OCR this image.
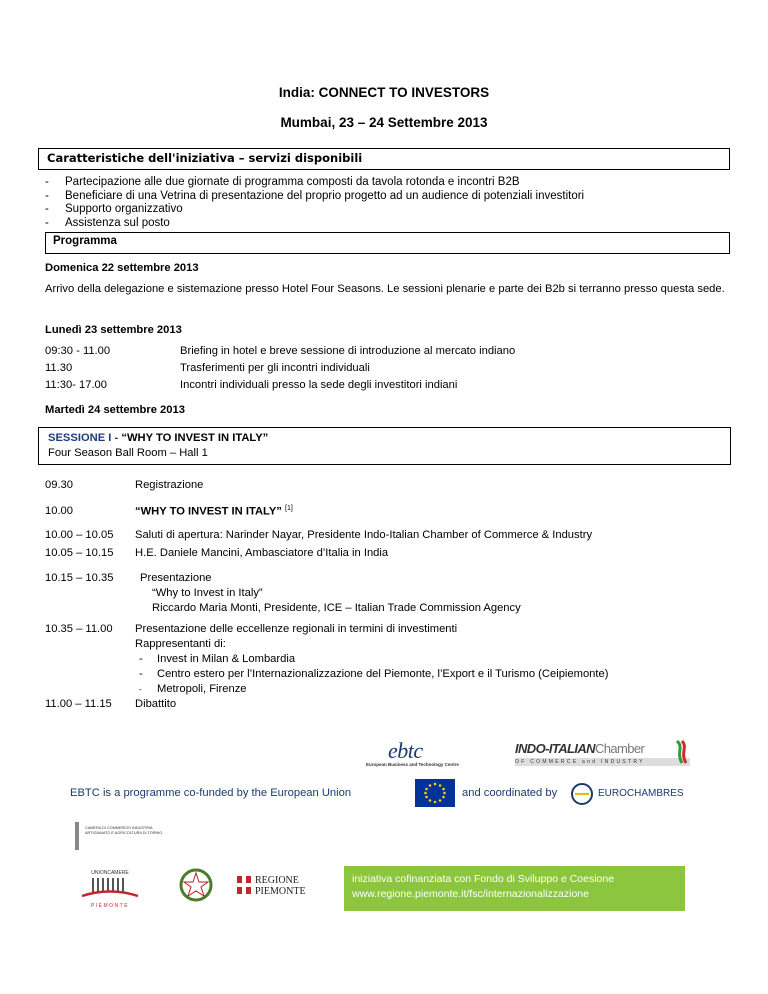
India: CONNECT TO INVESTORS
Mumbai, 23 – 24 Settembre 2013
Caratteristiche dell'iniziativa – servizi disponibili
- Partecipazione alle due giornate di programma composti da tavola rotonda e incontri B2B
- Beneficiare di una Vetrina di presentazione del proprio progetto ad un audience di potenziali investitori
- Supporto organizzativo
- Assistenza sul posto
Programma
Domenica 22 settembre 2013
Arrivo della delegazione e sistemazione presso Hotel Four Seasons. Le sessioni plenarie e parte dei B2b si terranno presso questa sede.
Lunedì 23 settembre 2013
09:30 - 11.00	Briefing in hotel e breve sessione di introduzione al mercato indiano
11.30	Trasferimenti per gli incontri individuali
11:30- 17.00	Incontri individuali presso la sede degli investitori indiani
Martedì 24 settembre 2013
SESSIONE I - “WHY TO INVEST IN ITALY”
Four Season Ball Room – Hall 1
09.30	Registrazione
10.00	“WHY TO INVEST IN ITALY” [1]
10.00 – 10.05 Saluti di apertura: Narinder Nayar, Presidente Indo-Italian Chamber of Commerce & Industry
10.05 – 10.15 H.E. Daniele Mancini, Ambasciatore d’Italia in India
10.15 – 10.35 Presentazione
“Why to Invest in Italy”
Riccardo Maria Monti, Presidente, ICE – Italian Trade Commission Agency
10.35 – 11.00 Presentazione delle eccellenze regionali in termini di investimenti
Rappresentanti di:
- Invest in Milan & Lombardia
- Centro estero per l’Internazionalizzazione del Piemonte, l’Export e il Turismo (Ceipiemonte)
- Metropoli, Firenze
11.00 – 11.15 Dibattito
ebtc
European Business and Technology Centre
INDO-ITALIANChamber
OF COMMERCE and INDUSTRY
EBTC is a programme co-funded by the European Union	and coordinated by	EUROCHAMBRES
CAMERA DI COMMERCIO INDUSTRIA ARTIGIANATO E AGRICOLTURA DI TORINO
UNIONCAMERE
PIEMONTE
REGIONE
PIEMONTE
iniziativa cofinanziata con Fondo di Sviluppo e Coesione
www.regione.piemonte.it/fsc/internazionalizzazione
